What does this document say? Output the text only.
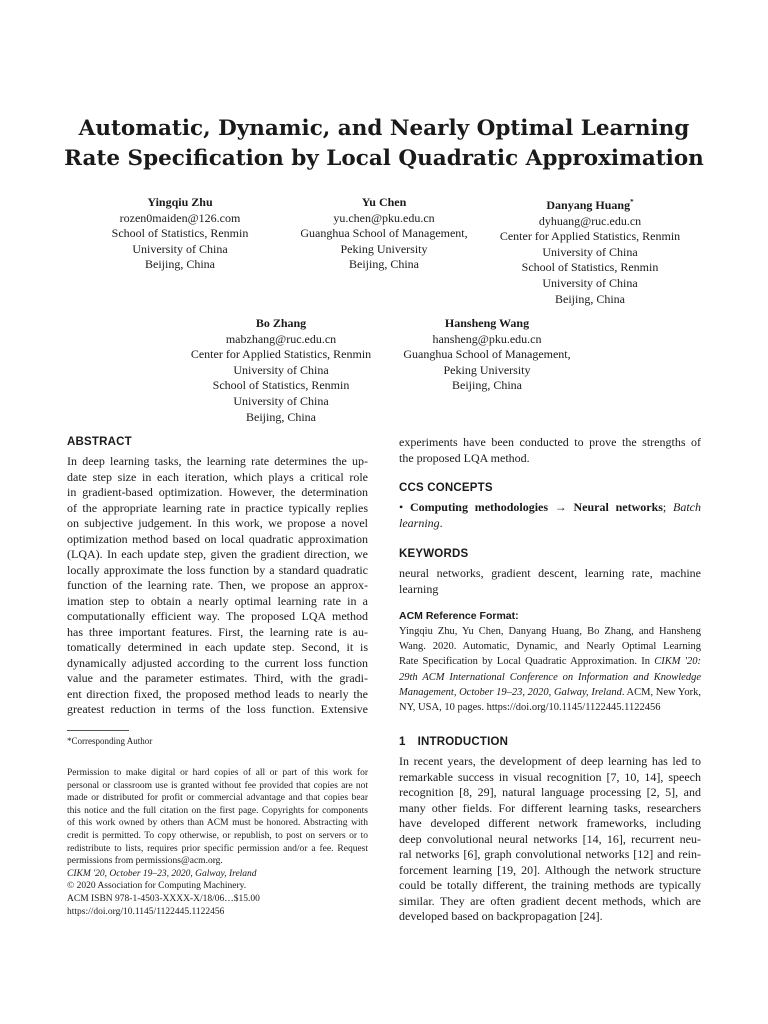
Automatic, Dynamic, and Nearly Optimal Learning
Rate Specification by Local Quadratic Approximation
Yingqiu Zhu
rozen0maiden@126.com
School of Statistics, Renmin
University of China
Beijing, China
Yu Chen
yu.chen@pku.edu.cn
Guanghua School of Management,
Peking University
Beijing, China
Danyang Huang*
dyhuang@ruc.edu.cn
Center for Applied Statistics, Renmin
University of China
School of Statistics, Renmin
University of China
Beijing, China
Bo Zhang
mabzhang@ruc.edu.cn
Center for Applied Statistics, Renmin
University of China
School of Statistics, Renmin
University of China
Beijing, China
Hansheng Wang
hansheng@pku.edu.cn
Guanghua School of Management,
Peking University
Beijing, China
ABSTRACT
In deep learning tasks, the learning rate determines the up-
date step size in each iteration, which plays a critical role
in gradient-based optimization. However, the determination
of the appropriate learning rate in practice typically replies
on subjective judgement. In this work, we propose a novel
optimization method based on local quadratic approximation
(LQA). In each update step, given the gradient direction, we
locally approximate the loss function by a standard quadratic
function of the learning rate. Then, we propose an approx-
imation step to obtain a nearly optimal learning rate in a
computationally efficient way. The proposed LQA method
has three important features. First, the learning rate is au-
tomatically determined in each update step. Second, it is
dynamically adjusted according to the current loss function
value and the parameter estimates. Third, with the gradi-
ent direction fixed, the proposed method leads to nearly the
greatest reduction in terms of the loss function. Extensive

*Corresponding Author

Permission to make digital or hard copies of all or part of this work for
personal or classroom use is granted without fee provided that copies are not
made or distributed for profit or commercial advantage and that copies bear
this notice and the full citation on the first page. Copyrights for components
of this work owned by others than ACM must be honored. Abstracting with
credit is permitted. To copy otherwise, or republish, to post on servers or to
redistribute to lists, requires prior specific permission and/or a fee. Request
permissions from permissions@acm.org.
CIKM '20, October 19–23, 2020, Galway, Ireland
© 2020 Association for Computing Machinery.
ACM ISBN 978-1-4503-XXXX-X/18/06…$15.00
https://doi.org/10.1145/1122445.1122456
experiments have been conducted to prove the strengths of
the proposed LQA method.
CCS CONCEPTS
• Computing methodologies → Neural networks; Batch
learning.
KEYWORDS
neural networks, gradient descent, learning rate, machine
learning

ACM Reference Format:

Yingqiu Zhu, Yu Chen, Danyang Huang, Bo Zhang, and Hansheng
Wang. 2020. Automatic, Dynamic, and Nearly Optimal Learning
Rate Specification by Local Quadratic Approximation. In CIKM '20:
29th ACM International Conference on Information and Knowledge
Management, October 19–23, 2020, Galway, Ireland. ACM, New York,
NY, USA, 10 pages. https://doi.org/10.1145/1122445.1122456
1 INTRODUCTION
In recent years, the development of deep learning has led to
remarkable success in visual recognition [7, 10, 14], speech
recognition [8, 29], natural language processing [2, 5], and
many other fields. For different learning tasks, researchers
have developed different network frameworks, including
deep convolutional neural networks [14, 16], recurrent neu-
ral networks [6], graph convolutional networks [12] and rein-
forcement learning [19, 20]. Although the network structure
could be totally different, the training methods are typically
similar. They are often gradient decent methods, which are
developed based on backpropagation [24].
